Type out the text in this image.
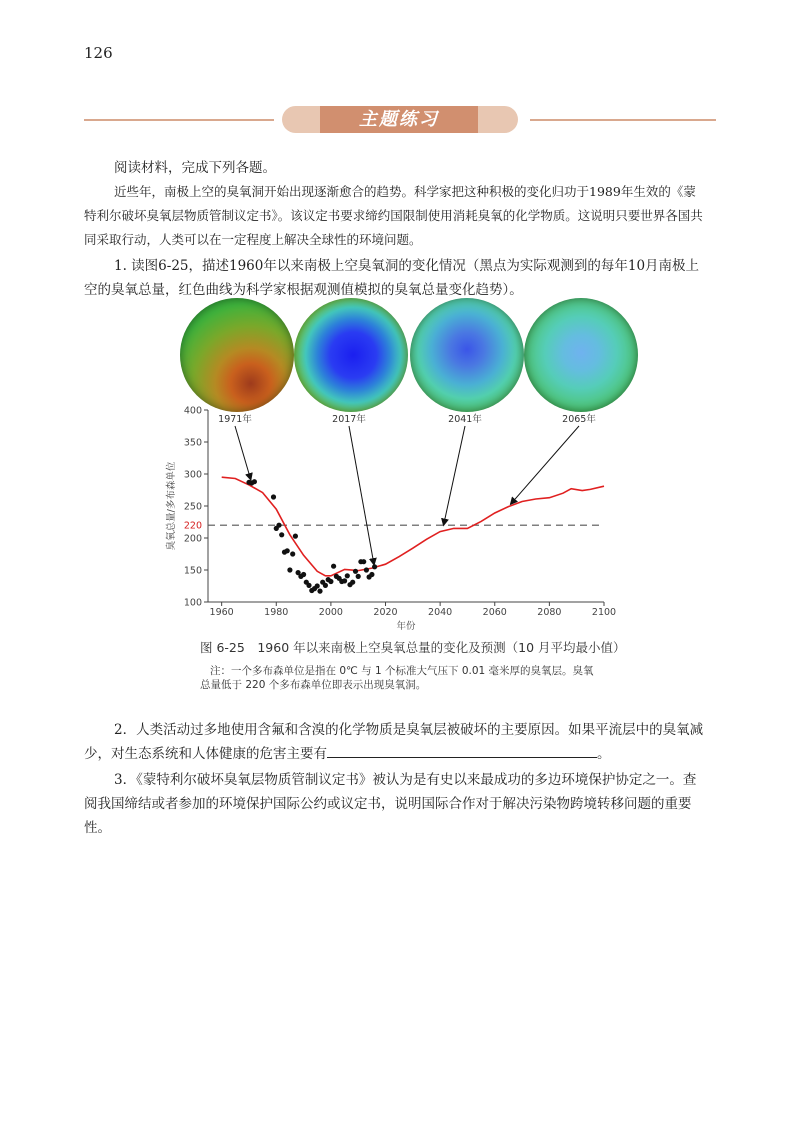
126
主题练习
阅读材料，完成下列各题。
近些年，南极上空的臭氧洞开始出现逐渐愈合的趋势。科学家把这种积极的变化归功于1989年生效的《蒙特利尔破坏臭氧层物质管制议定书》。该议定书要求缔约国限制使用消耗臭氧的化学物质。这说明只要世界各国共同采取行动，人类可以在一定程度上解决全球性的环境问题。
1. 读图6-25，描述1960年以来南极上空臭氧洞的变化情况（黑点为实际观测到的每年10月南极上空的臭氧总量，红色曲线为科学家根据观测值模拟的臭氧总量变化趋势）。
100
150
200
250
300
350
400
220
1960	1980	2000	2020	2040	2060	2080	2100
年份
臭氧总量/多布森单位
1971年	2017年	2041年	2065年
图 6-25　1960 年以来南极上空臭氧总量的变化及预测（10 月平均最小值）
注：一个多布森单位是指在 0℃ 与 1 个标准大气压下 0.01 毫米厚的臭氧层。臭氧
总量低于 220 个多布森单位即表示出现臭氧洞。
2．人类活动过多地使用含氟和含溴的化学物质是臭氧层被破坏的主要原因。如果平流层中的臭氧减少，对生态系统和人体健康的危害主要有	。
3．《蒙特利尔破坏臭氧层物质管制议定书》被认为是有史以来最成功的多边环境保护协定之一。查阅我国缔结或者参加的环境保护国际公约或议定书，说明国际合作对于解决污染物跨境转移问题的重要性。
